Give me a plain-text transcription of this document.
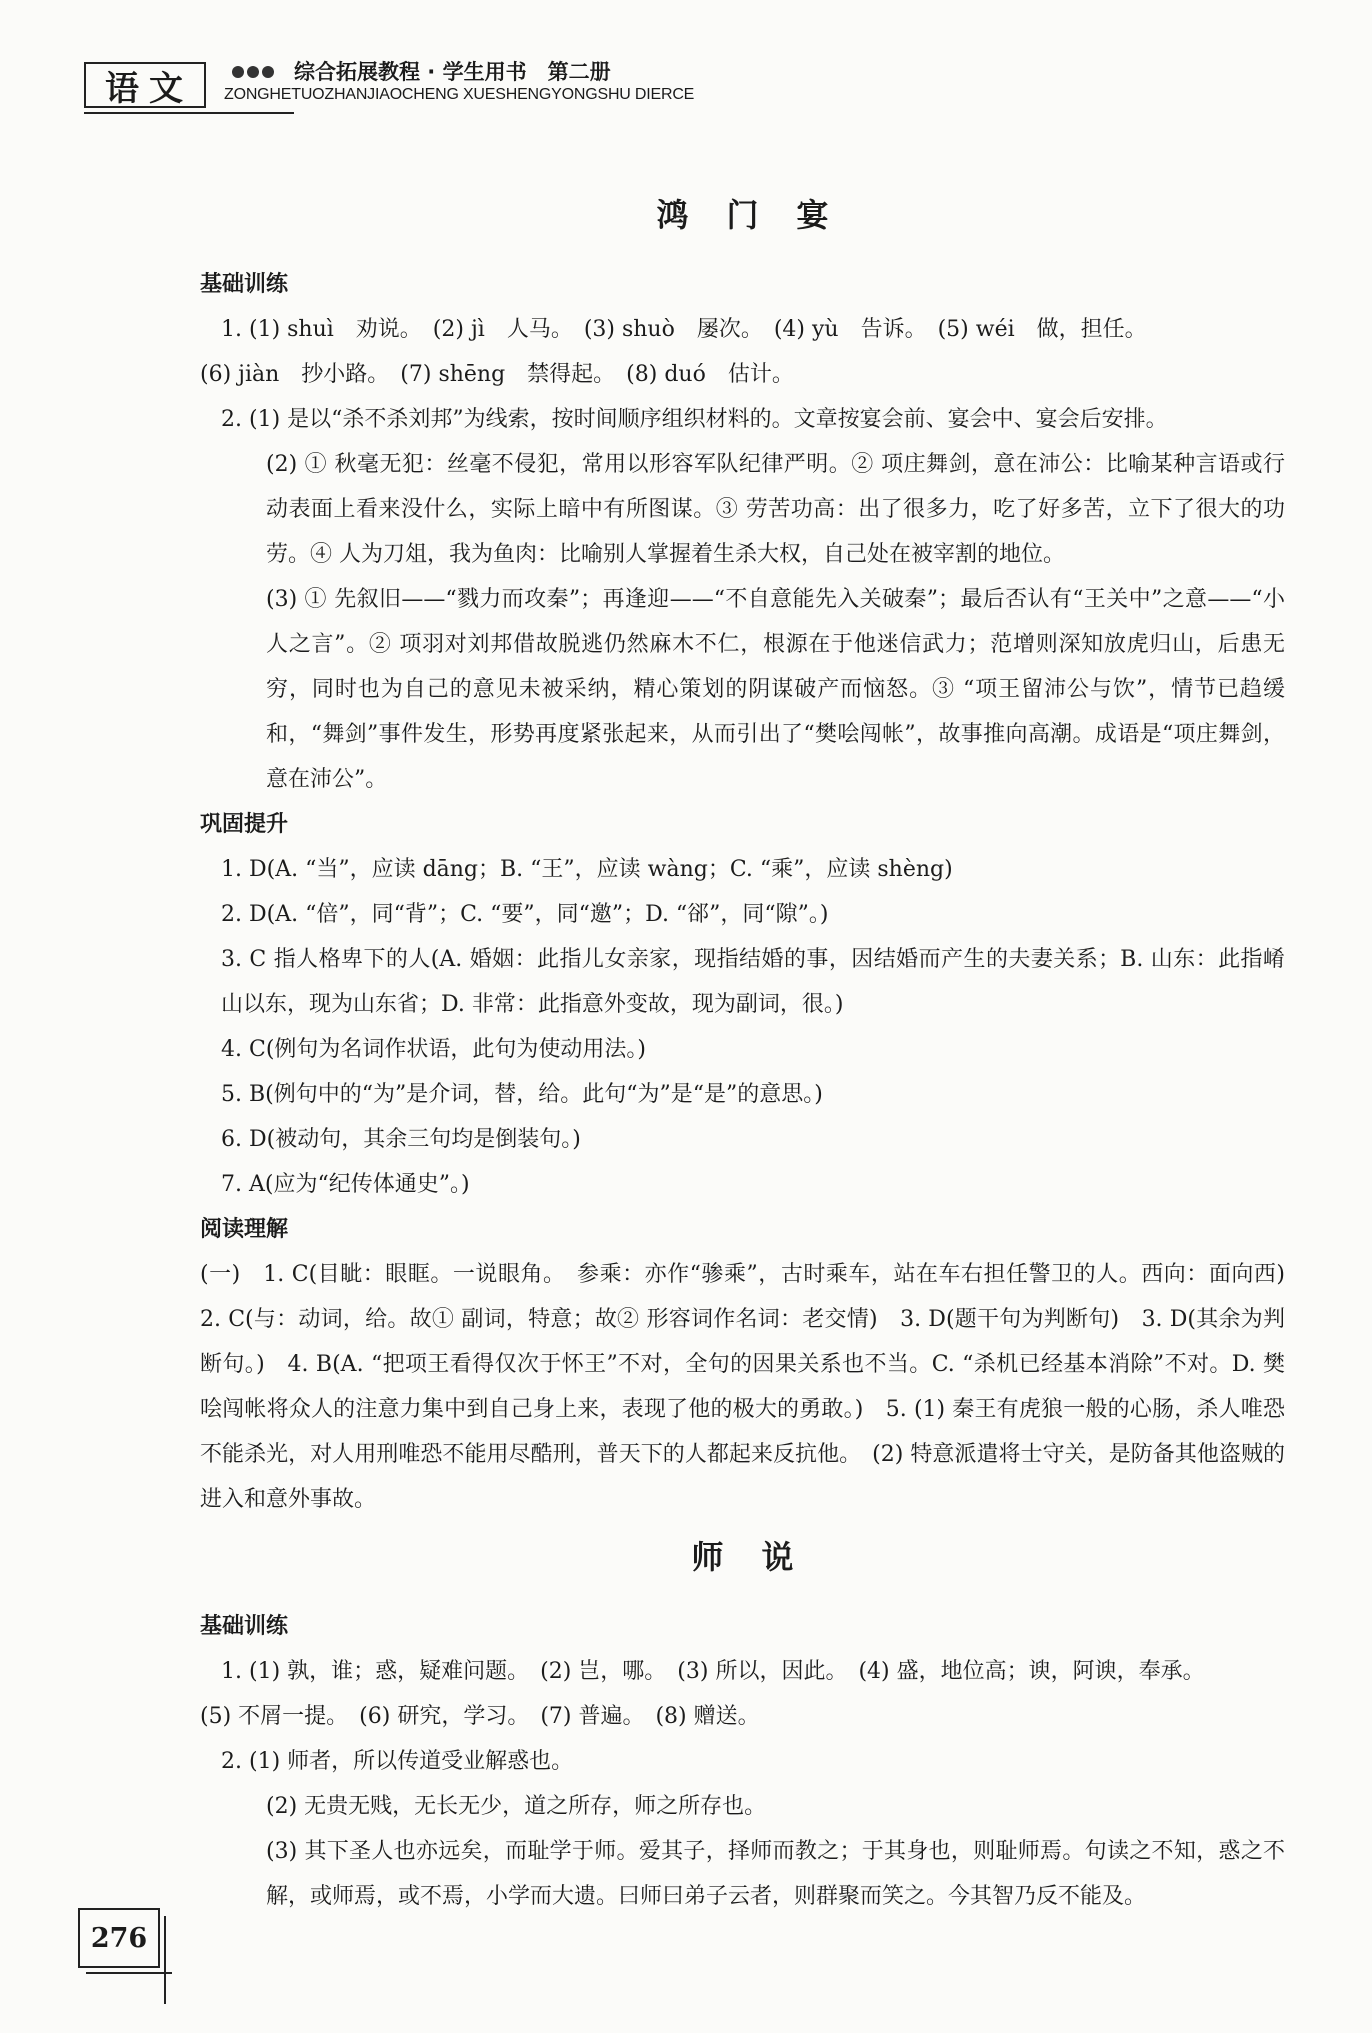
语文	综合拓展教程 · 学生用书　第二册
ZONGHETUOZHANJIAOCHENG XUESHENGYONGSHU DIERCE
鸿门宴
基础训练

1. (1) shuì　劝说。　(2) jì　人马。　(3) shuò　屡次。　(4) yù　告诉。　(5) wéi　做，担任。

(6) jiàn　抄小路。　(7) shēng　禁得起。　(8) duó　估计。

2. (1) 是以“杀不杀刘邦”为线索，按时间顺序组织材料的。文章按宴会前、宴会中、宴会后安排。

(2) ① 秋毫无犯：丝毫不侵犯，常用以形容军队纪律严明。② 项庄舞剑，意在沛公：比喻某种言语或行动表面上看来没什么，实际上暗中有所图谋。③ 劳苦功高：出了很多力，吃了好多苦，立下了很大的功劳。④ 人为刀俎，我为鱼肉：比喻别人掌握着生杀大权，自己处在被宰割的地位。

(3) ① 先叙旧——“戮力而攻秦”；再逢迎——“不自意能先入关破秦”；最后否认有“王关中”之意——“小人之言”。② 项羽对刘邦借故脱逃仍然麻木不仁，根源在于他迷信武力；范增则深知放虎归山，后患无穷，同时也为自己的意见未被采纳，精心策划的阴谋破产而恼怒。③ “项王留沛公与饮”，情节已趋缓和，“舞剑”事件发生，形势再度紧张起来，从而引出了“樊哙闯帐”，故事推向高潮。成语是“项庄舞剑，意在沛公”。

巩固提升

1. D(A. “当”，应读 dāng；B. “王”，应读 wàng；C. “乘”，应读 shèng)

2. D(A. “倍”，同“背”；C. “要”，同“邀”；D. “郤”，同“隙”。)

3. C 指人格卑下的人(A. 婚姻：此指儿女亲家，现指结婚的事，因结婚而产生的夫妻关系；B. 山东：此指崤山以东，现为山东省；D. 非常：此指意外变故，现为副词，很。)

4. C(例句为名词作状语，此句为使动用法。)

5. B(例句中的“为”是介词，替，给。此句“为”是“是”的意思。)

6. D(被动句，其余三句均是倒装句。)

7. A(应为“纪传体通史”。)

阅读理解

(一)　1. C(目眦：眼眶。一说眼角。　参乘：亦作“骖乘”，古时乘车，站在车右担任警卫的人。西向：面向西)　2. C(与：动词，给。故① 副词，特意；故② 形容词作名词：老交情)　3. D(题干句为判断句)　3. D(其余为判断句。)　4. B(A. “把项王看得仅次于怀王”不对，全句的因果关系也不当。C. “杀机已经基本消除”不对。D. 樊哙闯帐将众人的注意力集中到自己身上来，表现了他的极大的勇敢。)　5. (1) 秦王有虎狼一般的心肠，杀人唯恐不能杀光，对人用刑唯恐不能用尽酷刑，普天下的人都起来反抗他。　(2) 特意派遣将士守关，是防备其他盗贼的进入和意外事故。

师说
基础训练

1. (1) 孰，谁；惑，疑难问题。　(2) 岂，哪。　(3) 所以，因此。　(4) 盛，地位高；谀，阿谀，奉承。

(5) 不屑一提。　(6) 研究，学习。　(7) 普遍。　(8) 赠送。

2. (1) 师者，所以传道受业解惑也。

(2) 无贵无贱，无长无少，道之所存，师之所存也。

(3) 其下圣人也亦远矣，而耻学于师。爱其子，择师而教之；于其身也，则耻师焉。句读之不知，惑之不解，或师焉，或不焉，小学而大遗。曰师曰弟子云者，则群聚而笑之。今其智乃反不能及。

276
